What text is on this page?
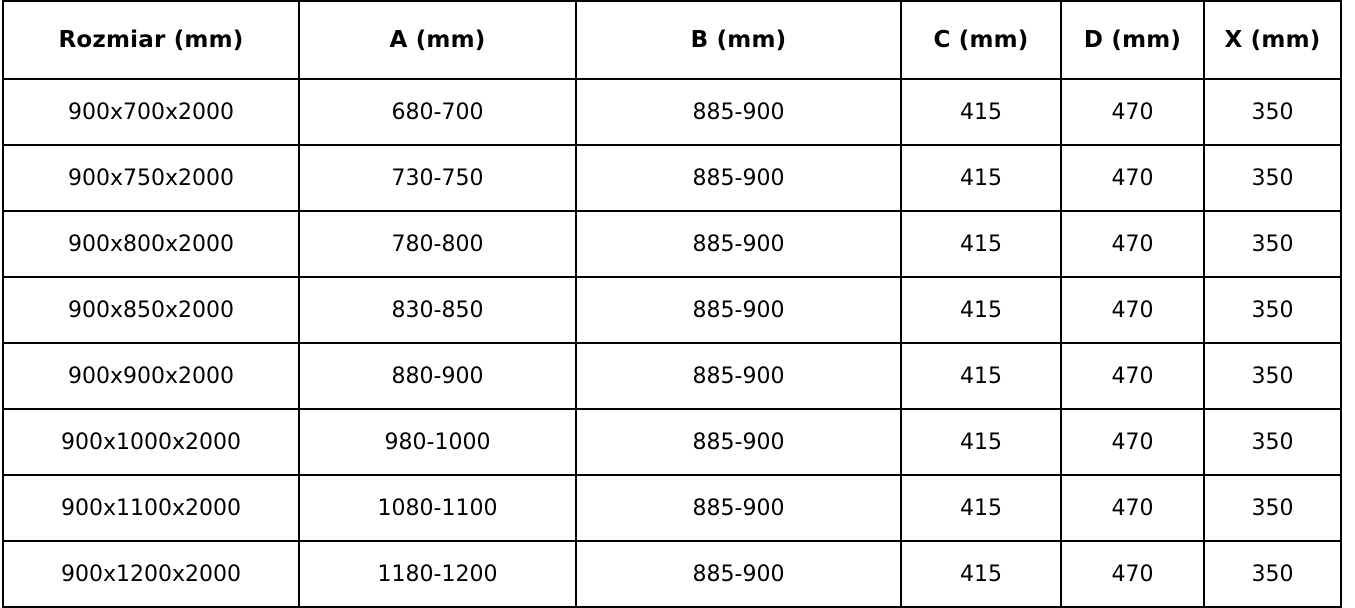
Rozmiar (mm)	A (mm)	B (mm)	C (mm)	D (mm)	X (mm)
900x700x2000	680-700	885-900	415	470	350
900x750x2000	730-750	885-900	415	470	350
900x800x2000	780-800	885-900	415	470	350
900x850x2000	830-850	885-900	415	470	350
900x900x2000	880-900	885-900	415	470	350
900x1000x2000	980-1000	885-900	415	470	350
900x1100x2000	1080-1100	885-900	415	470	350
900x1200x2000	1180-1200	885-900	415	470	350
